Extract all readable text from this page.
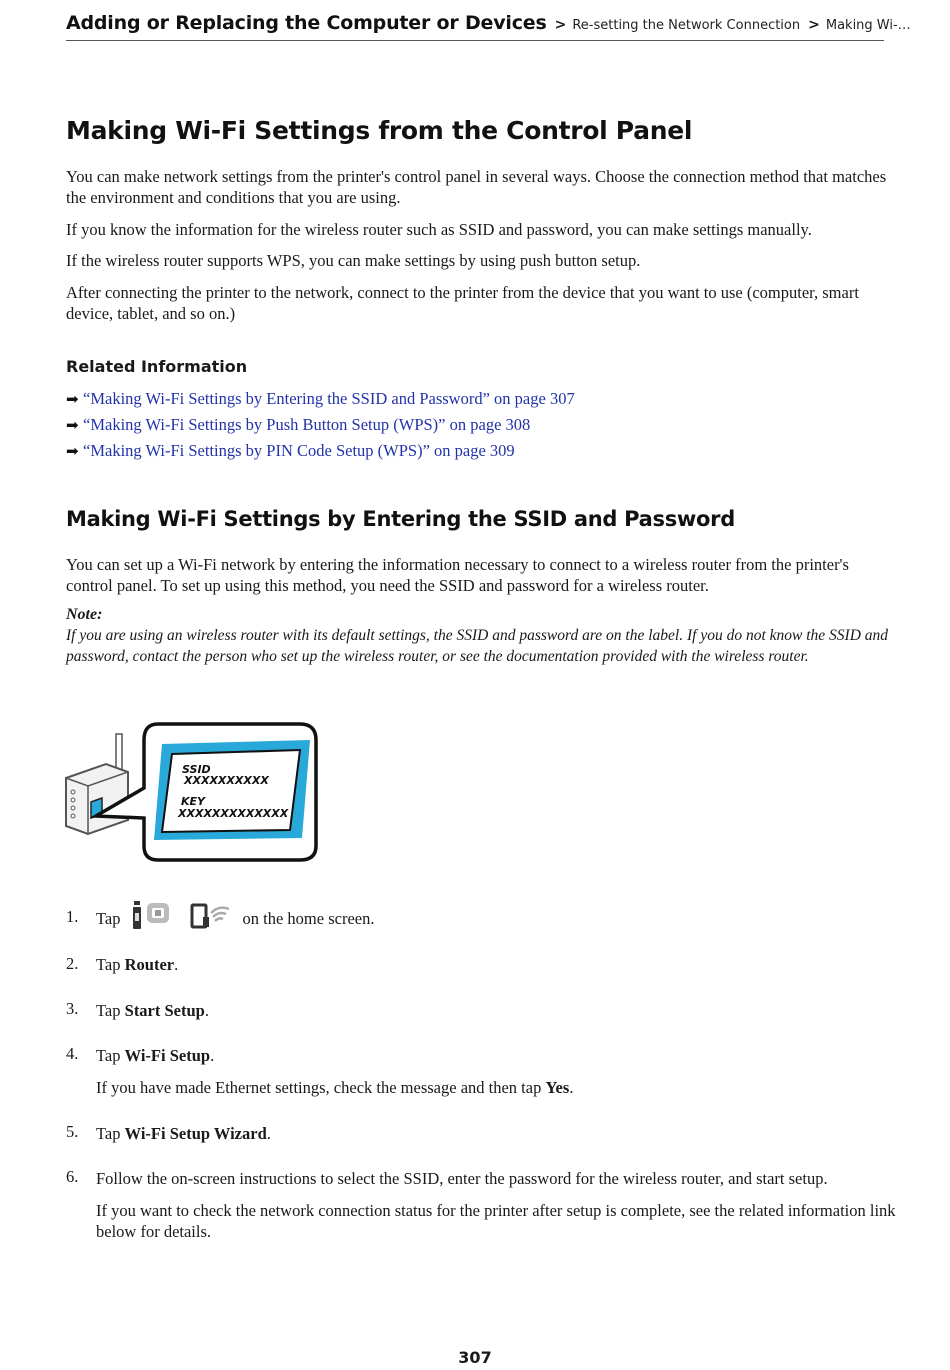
Adding or Replacing the Computer or Devices > Re-setting the Network Connection > Making Wi-…
Making Wi-Fi Settings from the Control Panel

You can make network settings from the printer's control panel in several ways. Choose the connection method that matches the environment and conditions that you are using.

If you know the information for the wireless router such as SSID and password, you can make settings manually.

If the wireless router supports WPS, you can make settings by using push button setup.

After connecting the printer to the network, connect to the printer from the device that you want to use (computer, smart device, tablet, and so on.)

Related Information

➡ “Making Wi-Fi Settings by Entering the SSID and Password” on page 307
➡ “Making Wi-Fi Settings by Push Button Setup (WPS)” on page 308
➡ “Making Wi-Fi Settings by PIN Code Setup (WPS)” on page 309
Making Wi-Fi Settings by Entering the SSID and Password

You can set up a Wi-Fi network by entering the information necessary to connect to a wireless router from the printer's control panel. To set up using this method, you need the SSID and password for a wireless router.

Note:

If you are using an wireless router with its default settings, the SSID and password are on the label. If you do not know the SSID and password, contact the person who set up the wireless router, or see the documentation provided with the wireless router.

SSID
XXXXXXXXXX
KEY
XXXXXXXXXXXXX
1. Tap	on the home screen.
2. Tap Router.

3. Tap Start Setup.

4. Tap Wi-Fi Setup.

If you have made Ethernet settings, check the message and then tap Yes.

5. Tap Wi-Fi Setup Wizard.

6. Follow the on-screen instructions to select the SSID, enter the password for the wireless router, and start setup.

If you want to check the network connection status for the printer after setup is complete, see the related information link below for details.

307
